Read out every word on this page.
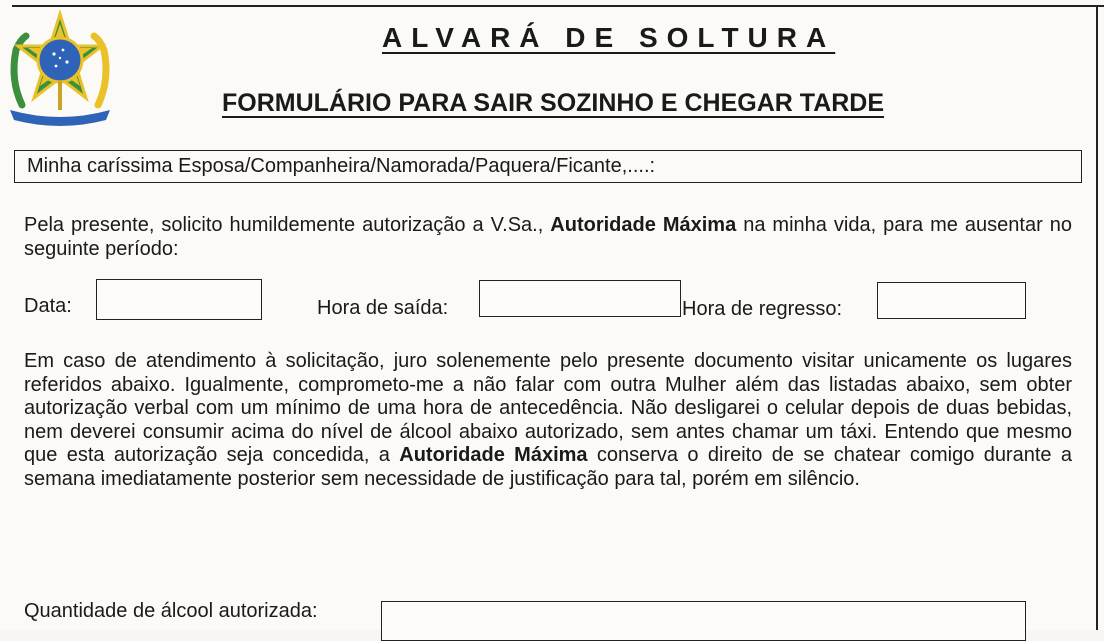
ALVARÁ DE SOLTURA
FORMULÁRIO PARA SAIR SOZINHO E CHEGAR TARDE
Minha caríssima Esposa/Companheira/Namorada/Paquera/Ficante,....:
Pela presente, solicito humildemente autorização a V.Sa., Autoridade Máxima na minha vida, para me ausentar no seguinte período:
Data:	Hora de saída:	Hora de regresso:
Em caso de atendimento à solicitação, juro solenemente pelo presente documento visitar unicamente os lugares referidos abaixo. Igualmente, comprometo-me a não falar com outra Mulher além das listadas abaixo, sem obter autorização verbal com um mínimo de uma hora de antecedência. Não desligarei o celular depois de duas bebidas, nem deverei consumir acima do nível de álcool abaixo autorizado, sem antes chamar um táxi. Entendo que mesmo que esta autorização seja concedida, a Autoridade Máxima conserva o direito de se chatear comigo durante a semana imediatamente posterior sem necessidade de justificação para tal, porém em silêncio.
Quantidade de álcool autorizada:
